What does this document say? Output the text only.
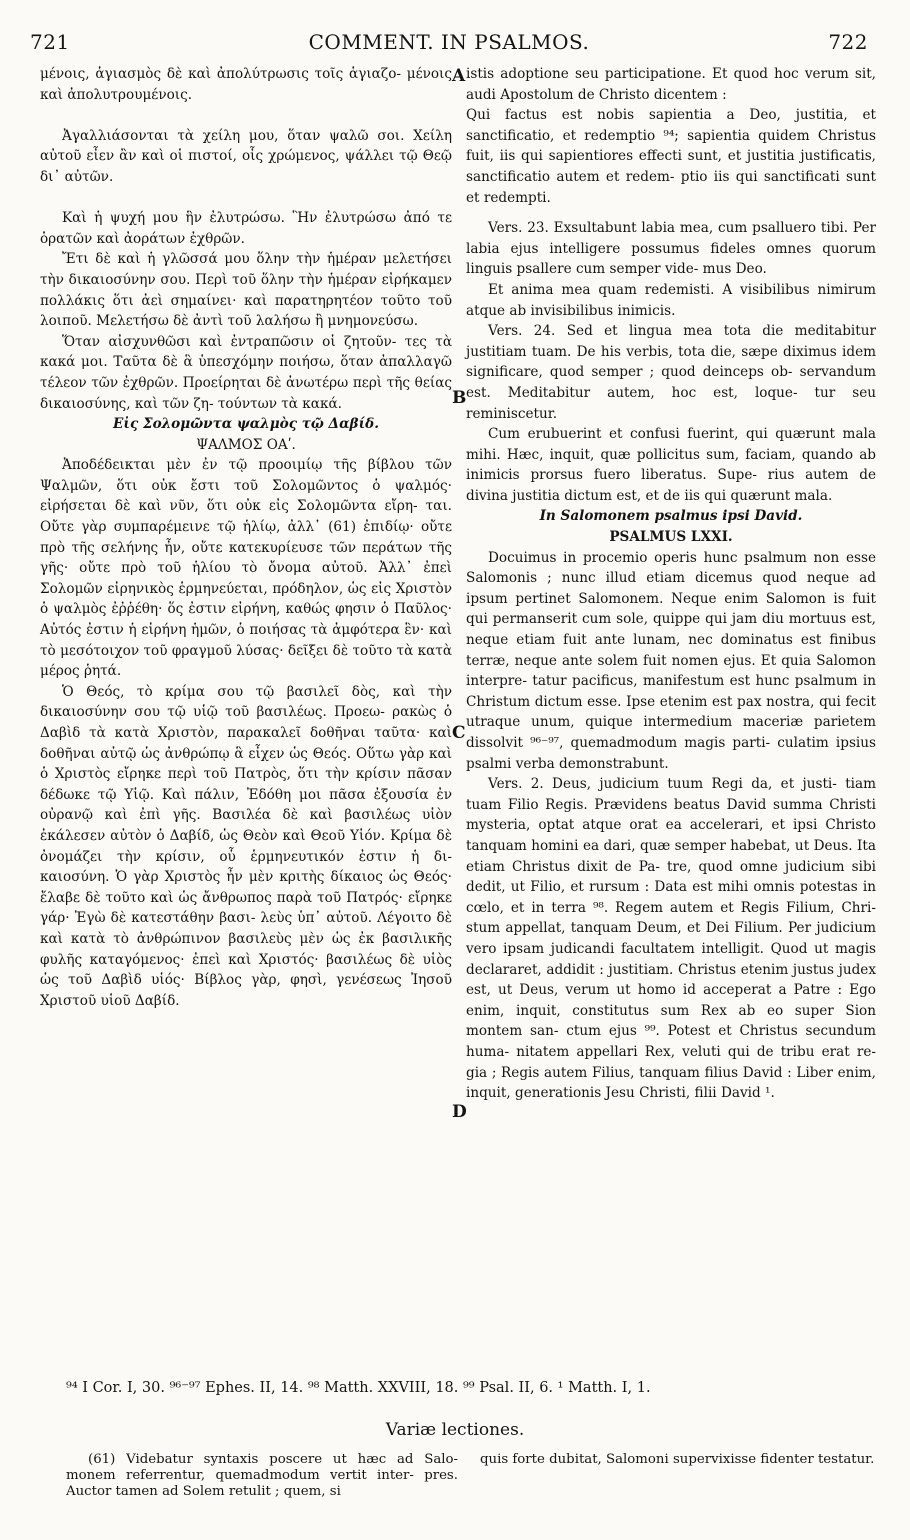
721	COMMENT. IN PSALMOS.	722

μένοις, ἁγιασμὸς δὲ καὶ ἀπολύτρωσις τοῖς ἁγιαζο- μένοις καὶ ἀπολυτρουμένοις.

Ἀγαλλιάσονται τὰ χείλη μου, ὅταν ψαλῶ σοι. Χείλη αὐτοῦ εἶεν ἂν καὶ οἱ πιστοί, οἷς χρώμενος, ψάλλει τῷ Θεῷ δι᾽ αὐτῶν.

Καὶ ἡ ψυχή μου ἣν ἐλυτρώσω. Ἣν ἐλυτρώσω ἀπό τε ὁρατῶν καὶ ἀοράτων ἐχθρῶν.

Ἔτι δὲ καὶ ἡ γλῶσσά μου ὅλην τὴν ἡμέραν μελετήσει τὴν δικαιοσύνην σου. Περὶ τοῦ ὅλην τὴν ἡμέραν εἰρήκαμεν πολλάκις ὅτι ἀεὶ σημαίνει· καὶ παρατηρητέον τοῦτο τοῦ λοιποῦ. Μελετήσω δὲ ἀντὶ τοῦ λαλήσω ἢ μνημονεύσω.

Ὅταν αἰσχυνθῶσι καὶ ἐντραπῶσιν οἱ ζητοῦν- τες τὰ κακά μοι. Ταῦτα δὲ ἃ ὑπεσχόμην ποιήσω, ὅταν ἀπαλλαγῶ τέλεον τῶν ἐχθρῶν. Προείρηται δὲ ἀνωτέρω περὶ τῆς θείας δικαιοσύνης, καὶ τῶν ζη- τούντων τὰ κακά.

Εἰς Σολομῶντα ψαλμὸς τῷ Δαβίδ.

ΨΑΛΜΟΣ ΟΑʹ.

Ἀποδέδεικται μὲν ἐν τῷ προοιμίῳ τῆς βίβλου τῶν Ψαλμῶν, ὅτι οὐκ ἔστι τοῦ Σολομῶντος ὁ ψαλμός· εἰρήσεται δὲ καὶ νῦν, ὅτι οὐκ εἰς Σολομῶντα εἴρη- ται. Οὔτε γὰρ συμπαρέμεινε τῷ ἡλίῳ, ἀλλ᾽ (61) ἐπιδίῳ· οὔτε πρὸ τῆς σελήνης ἦν, οὔτε κατεκυρίευσε τῶν περάτων τῆς γῆς· οὔτε πρὸ τοῦ ἡλίου τὸ ὄνομα αὐτοῦ. Ἀλλ᾽ ἐπεὶ Σολομῶν εἰρηνικὸς ἑρμηνεύεται, πρόδηλον, ὡς εἰς Χριστὸν ὁ ψαλμὸς ἐῤῥέθη· ὅς ἐστιν εἰρήνη, καθώς φησιν ὁ Παῦλος· Αὐτός ἐστιν ἡ εἰρήνη ἡμῶν, ὁ ποιήσας τὰ ἀμφότερα ἓν· καὶ τὸ μεσότοιχον τοῦ φραγμοῦ λύσας· δεῖξει δὲ τοῦτο τὰ κατὰ μέρος ῥητά.

Ὁ Θεός, τὸ κρίμα σου τῷ βασιλεῖ δὸς, καὶ τὴν δικαιοσύνην σου τῷ υἱῷ τοῦ βασιλέως. Προεω- ρακὼς ὁ Δαβὶδ τὰ κατὰ Χριστὸν, παρακαλεῖ δοθῆναι ταῦτα· καὶ δοθῆναι αὐτῷ ὡς ἀνθρώπῳ ἃ εἶχεν ὡς Θεός. Οὕτω γὰρ καὶ ὁ Χριστὸς εἴρηκε περὶ τοῦ Πατρὸς, ὅτι τὴν κρίσιν πᾶσαν δέδωκε τῷ Υἱῷ. Καὶ πάλιν, Ἐδόθη μοι πᾶσα ἐξουσία ἐν οὐρανῷ καὶ ἐπὶ γῆς. Βασιλέα δὲ καὶ βασιλέως υἱὸν ἐκάλεσεν αὐτὸν ὁ Δαβίδ, ὡς Θεὸν καὶ Θεοῦ Υἱόν. Κρίμα δὲ ὀνομάζει τὴν κρίσιν, οὗ ἑρμηνευτικόν ἐστιν ἡ δι- καιοσύνη. Ὁ γὰρ Χριστὸς ἦν μὲν κριτὴς δίκαιος ὡς Θεός· ἔλαβε δὲ τοῦτο καὶ ὡς ἄνθρωπος παρὰ τοῦ Πατρός· εἴρηκε γάρ· Ἐγὼ δὲ κατεστάθην βασι- λεὺς ὑπ᾽ αὐτοῦ. Λέγοιτο δὲ καὶ κατὰ τὸ ἀνθρώπινον βασιλεὺς μὲν ὡς ἐκ βασιλικῆς φυλῆς καταγόμενος· ἐπεὶ καὶ Χριστός· βασιλέως δὲ υἱὸς ὡς τοῦ Δαβὶδ υἱός· Βίβλος γὰρ, φησὶ, γενέσεως Ἰησοῦ Χριστοῦ υἱοῦ Δαβίδ.

istis adoptione seu participatione. Et quod hoc verum sit, audi Apostolum de Christo dicentem :

Qui factus est nobis sapientia a Deo, justitia, et sanctificatio, et redemptio ⁹⁴; sapientia quidem Christus fuit, iis qui sapientiores effecti sunt, et justitia justificatis, sanctificatio autem et redem- ptio iis qui sanctificati sunt et redempti.

Vers. 23. Exsultabunt labia mea, cum psalluero tibi. Per labia ejus intelligere possumus fideles omnes quorum linguis psallere cum semper vide- mus Deo.

Et anima mea quam redemisti. A visibilibus nimirum atque ab invisibilibus inimicis.

Vers. 24. Sed et lingua mea tota die meditabitur justitiam tuam. De his verbis, tota die, sæpe diximus idem significare, quod semper ; quod deinceps ob- servandum est. Meditabitur autem, hoc est, loque- tur seu reminiscetur.

Cum erubuerint et confusi fuerint, qui quærunt mala mihi. Hæc, inquit, quæ pollicitus sum, faciam, quando ab inimicis prorsus fuero liberatus. Supe- rius autem de divina justitia dictum est, et de iis qui quærunt mala.

In Salomonem psalmus ipsi David.

PSALMUS LXXI.

Docuimus in procemio operis hunc psalmum non esse Salomonis ; nunc illud etiam dicemus quod neque ad ipsum pertinet Salomonem. Neque enim Salomon is fuit qui permanserit cum sole, quippe qui jam diu mortuus est, neque etiam fuit ante lunam, nec dominatus est finibus terræ, neque ante solem fuit nomen ejus. Et quia Salomon interpre- tatur pacificus, manifestum est hunc psalmum in Christum dictum esse. Ipse etenim est pax nostra, qui fecit utraque unum, quique intermedium maceriæ parietem dissolvit ⁹⁶⁻⁹⁷, quemadmodum magis parti- culatim ipsius psalmi verba demonstrabunt.

Vers. 2. Deus, judicium tuum Regi da, et justi- tiam tuam Filio Regis. Prævidens beatus David summa Christi mysteria, optat atque orat ea accelerari, et ipsi Christo tanquam homini ea dari, quæ semper habebat, ut Deus. Ita etiam Christus dixit de Pa- tre, quod omne judicium sibi dedit, ut Filio, et rursum : Data est mihi omnis potestas in cœlo, et in terra ⁹⁸. Regem autem et Regis Filium, Chri- stum appellat, tanquam Deum, et Dei Filium. Per judicium vero ipsam judicandi facultatem intelligit. Quod ut magis declararet, addidit : justitiam. Christus etenim justus judex est, ut Deus, verum ut homo id acceperat a Patre : Ego enim, inquit, constitutus sum Rex ab eo super Sion montem san- ctum ejus ⁹⁹. Potest et Christus secundum huma- nitatem appellari Rex, veluti qui de tribu erat re- gia ; Regis autem Filius, tanquam filius David : Liber enim, inquit, generationis Jesu Christi, filii David ¹.

A
B
C
D
⁹⁴ I Cor. I, 30. ⁹⁶⁻⁹⁷ Ephes. II, 14. ⁹⁸ Matth. XXVIII, 18. ⁹⁹ Psal. II, 6. ¹ Matth. I, 1.
Variæ lectiones.

(61) Videbatur syntaxis poscere ut hæc ad Salo- monem referrentur, quemadmodum vertit inter- pres. Auctor tamen ad Solem retulit ; quem, si

quis forte dubitat, Salomoni supervixisse fidenter testatur.
